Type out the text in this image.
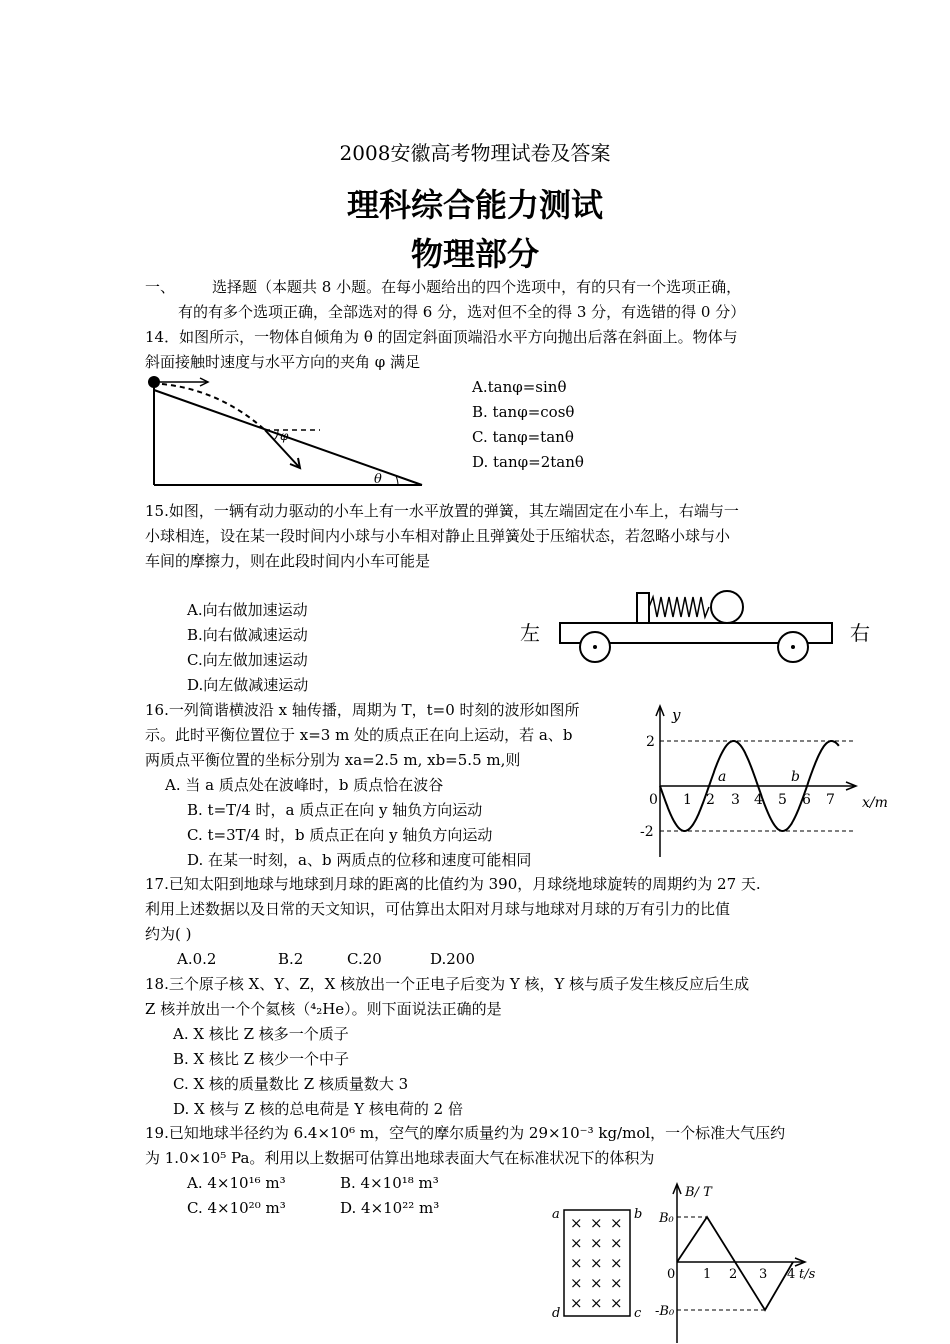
2008安徽高考物理试卷及答案
理科综合能力测试
物理部分
一、 选择题（本题共 8 小题。在每小题给出的四个选项中，有的只有一个选项正确，
有的有多个选项正确，全部选对的得 6 分，选对但不全的得 3 分，有选错的得 0 分）
14．如图所示，一物体自倾角为 θ 的固定斜面顶端沿水平方向抛出后落在斜面上。物体与
斜面接触时速度与水平方向的夹角 φ 满足
A.tanφ=sinθ
B. tanφ=cosθ
C. tanφ=tanθ
D. tanφ=2tanθ
φ
θ
15.如图，一辆有动力驱动的小车上有一水平放置的弹簧，其左端固定在小车上，右端与一
小球相连，设在某一段时间内小球与小车相对静止且弹簧处于压缩状态，若忽略小球与小
车间的摩擦力，则在此段时间内小车可能是
A.向右做加速运动
B.向右做减速运动
C.向左做加速运动
D.向左做减速运动
左	右
16.一列简谐横波沿 x 轴传播，周期为 T，t=0 时刻的波形如图所
示。此时平衡位置位于 x=3 m 处的质点正在向上运动，若 a、b
两质点平衡位置的坐标分别为 xa=2.5 m, xb=5.5 m,则
A. 当 a 质点处在波峰时，b 质点恰在波谷
B. t=T/4 时，a 质点正在向 y 轴负方向运动
C. t=3T/4 时，b 质点正在向 y 轴负方向运动
D. 在某一时刻，a、b 两质点的位移和速度可能相同
y
x/m
2
-2
0 1 2 3 4 5 6 7
a	b
17.已知太阳到地球与地球到月球的距离的比值约为 390，月球绕地球旋转的周期约为 27 天.
利用上述数据以及日常的天文知识，可估算出太阳对月球与地球对月球的万有引力的比值
约为( )
A.0.2	B.2	C.20	D.200
18.三个原子核 X、Y、Z，X 核放出一个正电子后变为 Y 核，Y 核与质子发生核反应后生成
Z 核并放出一个个氦核（⁴₂He）。则下面说法正确的是
A. X 核比 Z 核多一个质子
B. X 核比 Z 核少一个中子
C. X 核的质量数比 Z 核质量数大 3
D. X 核与 Z 核的总电荷是 Y 核电荷的 2 倍
19.已知地球半径约为 6.4×10⁶ m，空气的摩尔质量约为 29×10⁻³ kg/mol，一个标准大气压约
为 1.0×10⁵ Pa。利用以上数据可估算出地球表面大气在标准状况下的体积为
A. 4×10¹⁶ m³	B. 4×10¹⁸ m³
C. 4×10²⁰ m³	D. 4×10²² m³	a	b
c
d
× × ×
× × ×
× × ×
× × ×
× × ×
B/ T
t/s
B₀
-B₀
0 1 2 3 4
